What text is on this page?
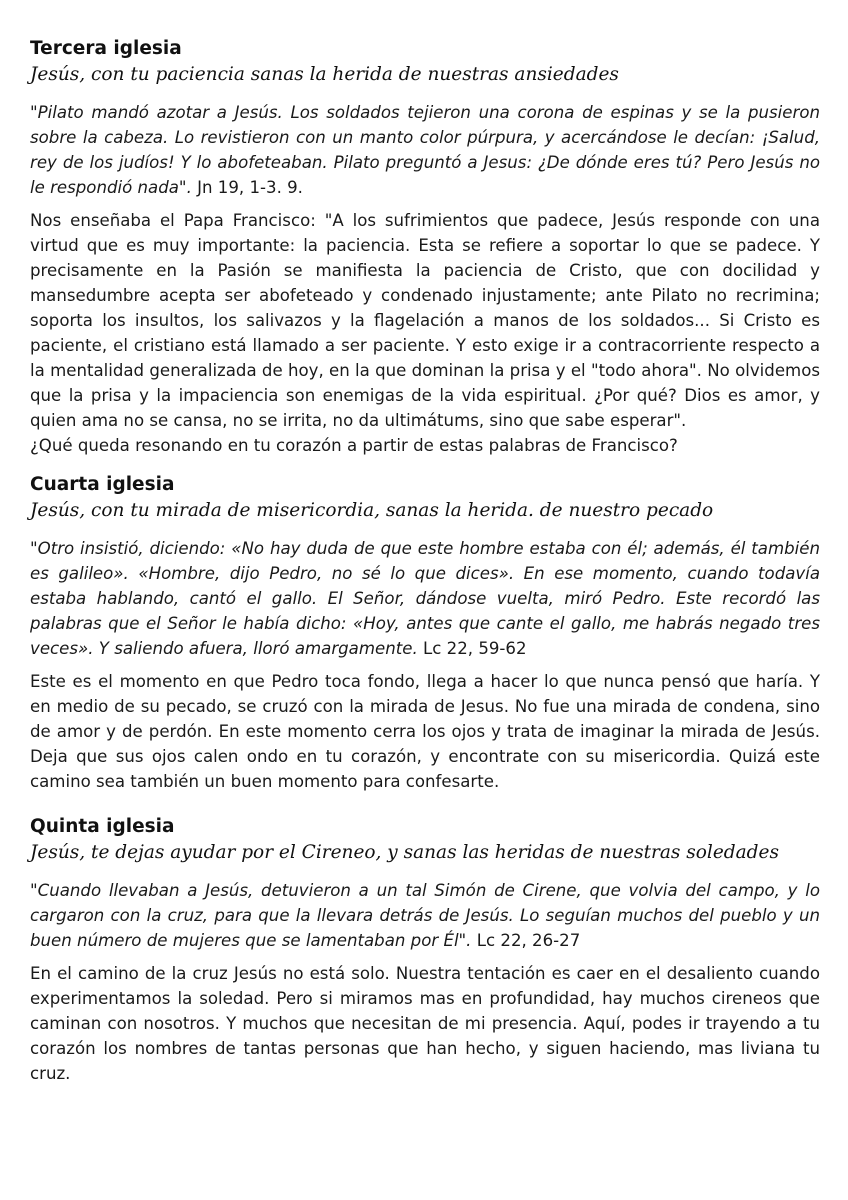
Tercera iglesia

Jesús, con tu paciencia sanas la herida de nuestras ansiedades

"Pilato mandó azotar a Jesús. Los soldados tejieron una corona de espinas y se la pusieron sobre la cabeza. Lo revistieron con un manto color púrpura, y acercándose le decían: ¡Salud, rey de los judíos! Y lo abofeteaban. Pilato preguntó a Jesus: ¿De dónde eres tú? Pero Jesús no le respondió nada". Jn 19, 1-3. 9.

Nos enseñaba el Papa Francisco: "A los sufrimientos que padece, Jesús responde con una virtud que es muy importante: la paciencia. Esta se refiere a soportar lo que se padece. Y precisamente en la Pasión se manifiesta la paciencia de Cristo, que con docilidad y mansedumbre acepta ser abofeteado y condenado injustamente; ante Pilato no recrimina; soporta los insultos, los salivazos y la flagelación a manos de los soldados... Si Cristo es paciente, el cristiano está llamado a ser paciente. Y esto exige ir a contracorriente respecto a la mentalidad generalizada de hoy, en la que dominan la prisa y el "todo ahora". No olvidemos que la prisa y la impaciencia son enemigas de la vida espiritual. ¿Por qué? Dios es amor, y quien ama no se cansa, no se irrita, no da ultimátums, sino que sabe esperar".

¿Qué queda resonando en tu corazón a partir de estas palabras de Francisco?

Cuarta iglesia

Jesús, con tu mirada de misericordia, sanas la herida. de nuestro pecado

"Otro insistió, diciendo: «No hay duda de que este hombre estaba con él; además, él también es galileo». «Hombre, dijo Pedro, no sé lo que dices». En ese momento, cuando todavía estaba hablando, cantó el gallo. El Señor, dándose vuelta, miró Pedro. Este recordó las palabras que el Señor le había dicho: «Hoy, antes que cante el gallo, me habrás negado tres veces». Y saliendo afuera, lloró amargamente. Lc 22, 59-62

Este es el momento en que Pedro toca fondo, llega a hacer lo que nunca pensó que haría. Y en medio de su pecado, se cruzó con la mirada de Jesus. No fue una mirada de condena, sino de amor y de perdón. En este momento cerra los ojos y trata de imaginar la mirada de Jesús. Deja que sus ojos calen ondo en tu corazón, y encontrate con su misericordia. Quizá este camino sea también un buen momento para confesarte.

Quinta iglesia

Jesús, te dejas ayudar por el Cireneo, y sanas las heridas de nuestras soledades

"Cuando llevaban a Jesús, detuvieron a un tal Simón de Cirene, que volvia del campo, y lo cargaron con la cruz, para que la llevara detrás de Jesús. Lo seguían muchos del pueblo y un buen número de mujeres que se lamentaban por Él". Lc 22, 26-27

En el camino de la cruz Jesús no está solo. Nuestra tentación es caer en el desaliento cuando experimentamos la soledad. Pero si miramos mas en profundidad, hay muchos cireneos que caminan con nosotros. Y muchos que necesitan de mi presencia. Aquí, podes ir trayendo a tu corazón los nombres de tantas personas que han hecho, y siguen haciendo, mas liviana tu cruz.
